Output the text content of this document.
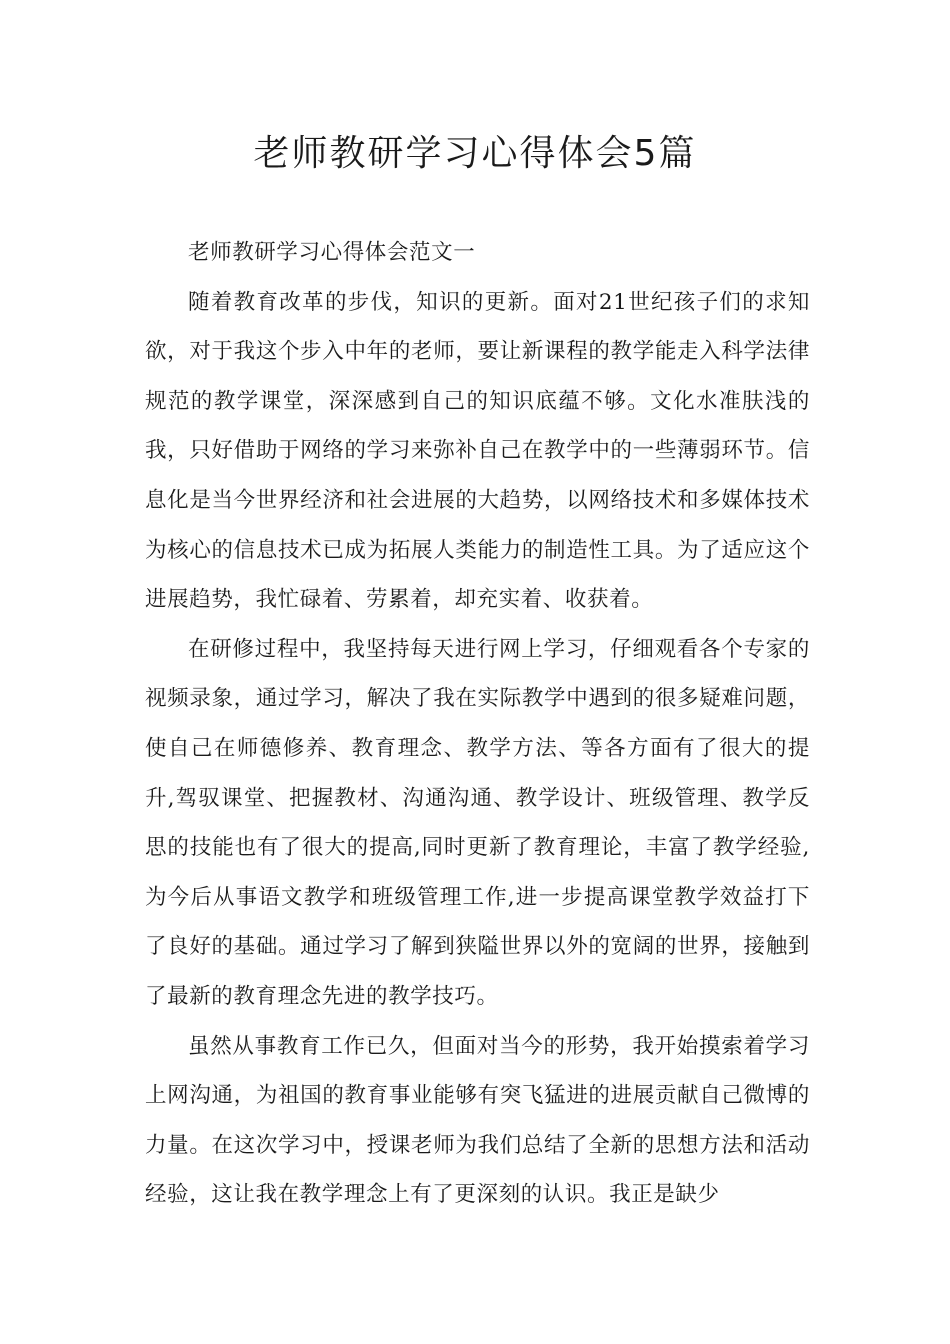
老师教研学习心得体会5篇

老师教研学习心得体会范文一

随着教育改革的步伐，知识的更新。面对21世纪孩子们的求知欲，对于我这个步入中年的老师，要让新课程的教学能走入科学法律规范的教学课堂，深深感到自己的知识底蕴不够。文化水准肤浅的我，只好借助于网络的学习来弥补自己在教学中的一些薄弱环节。信息化是当今世界经济和社会进展的大趋势，以网络技术和多媒体技术为核心的信息技术已成为拓展人类能力的制造性工具。为了适应这个进展趋势，我忙碌着、劳累着，却充实着、收获着。

在研修过程中，我坚持每天进行网上学习，仔细观看各个专家的视频录象，通过学习，解决了我在实际教学中遇到的很多疑难问题，使自己在师德修养、教育理念、教学方法、等各方面有了很大的提升,驾驭课堂、把握教材、沟通沟通、教学设计、班级管理、教学反思的技能也有了很大的提高,同时更新了教育理论，丰富了教学经验,为今后从事语文教学和班级管理工作,进一步提高课堂教学效益打下了良好的基础。通过学习了解到狭隘世界以外的宽阔的世界，接触到了最新的教育理念先进的教学技巧。

虽然从事教育工作已久，但面对当今的形势，我开始摸索着学习上网沟通，为祖国的教育事业能够有突飞猛进的进展贡献自己微博的力量。在这次学习中，授课老师为我们总结了全新的思想方法和活动经验，这让我在教学理念上有了更深刻的认识。我正是缺少
